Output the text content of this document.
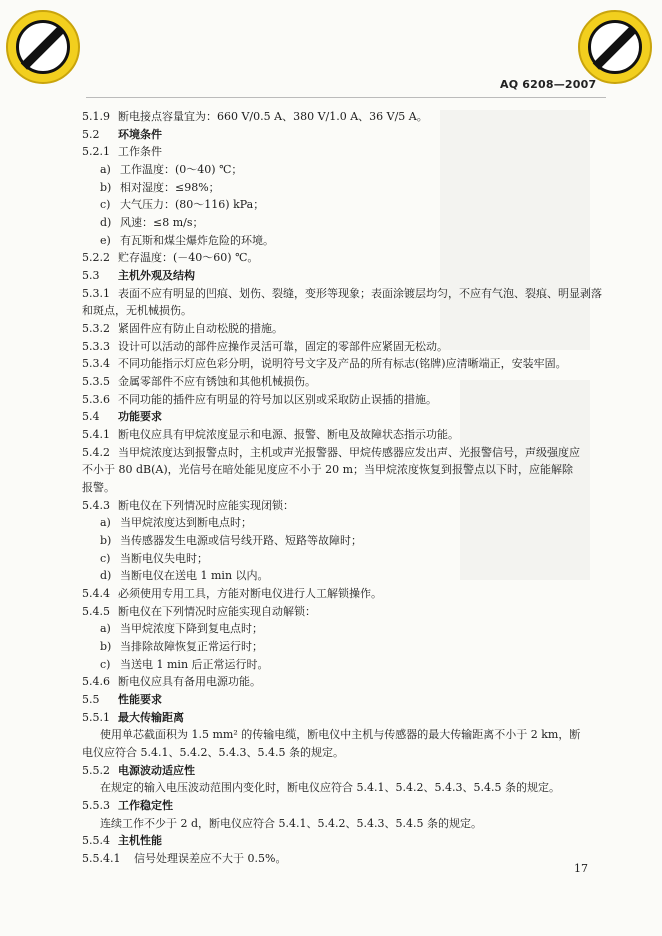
AQ 6208—2007
5.1.9 断电接点容量宜为：660 V/0.5 A、380 V/1.0 A、36 V/5 A。
5.2 环境条件
5.2.1 工作条件
a) 工作温度：(0～40) ℃；
b) 相对湿度：≤98%；
c) 大气压力：(80～116) kPa；
d) 风速：≤8 m/s；
e) 有瓦斯和煤尘爆炸危险的环境。
5.2.2 贮存温度：(－40～60) ℃。
5.3 主机外观及结构
5.3.1 表面不应有明显的凹痕、划伤、裂缝，变形等现象；表面涂镀层均匀，不应有气泡、裂痕、明显剥落
和斑点，无机械损伤。
5.3.2 紧固件应有防止自动松脱的措施。
5.3.3 设计可以活动的部件应操作灵活可靠，固定的零部件应紧固无松动。
5.3.4 不同功能指示灯应色彩分明，说明符号文字及产品的所有标志(铭牌)应清晰端正，安装牢固。
5.3.5 金属零部件不应有锈蚀和其他机械损伤。
5.3.6 不同功能的插件应有明显的符号加以区别或采取防止误插的措施。
5.4 功能要求
5.4.1 断电仪应具有甲烷浓度显示和电源、报警、断电及故障状态指示功能。
5.4.2 当甲烷浓度达到报警点时，主机或声光报警器、甲烷传感器应发出声、光报警信号，声级强度应
不小于 80 dB(A)，光信号在暗处能见度应不小于 20 m；当甲烷浓度恢复到报警点以下时，应能解除
报警。
5.4.3 断电仪在下列情况时应能实现闭锁：
a) 当甲烷浓度达到断电点时；
b) 当传感器发生电源或信号线开路、短路等故障时；
c) 当断电仪失电时；
d) 当断电仪在送电 1 min 以内。
5.4.4 必须使用专用工具，方能对断电仪进行人工解锁操作。
5.4.5 断电仪在下列情况时应能实现自动解锁：
a) 当甲烷浓度下降到复电点时；
b) 当排除故障恢复正常运行时；
c) 当送电 1 min 后正常运行时。
5.4.6 断电仪应具有备用电源功能。
5.5 性能要求
5.5.1 最大传输距离
使用单芯截面积为 1.5 mm² 的传输电缆，断电仪中主机与传感器的最大传输距离不小于 2 km，断
电仪应符合 5.4.1、5.4.2、5.4.3、5.4.5 条的规定。
5.5.2 电源波动适应性
在规定的输入电压波动范围内变化时，断电仪应符合 5.4.1、5.4.2、5.4.3、5.4.5 条的规定。
5.5.3 工作稳定性
连续工作不少于 2 d，断电仪应符合 5.4.1、5.4.2、5.4.3、5.4.5 条的规定。
5.5.4 主机性能
5.5.4.1 信号处理误差应不大于 0.5%。
17
